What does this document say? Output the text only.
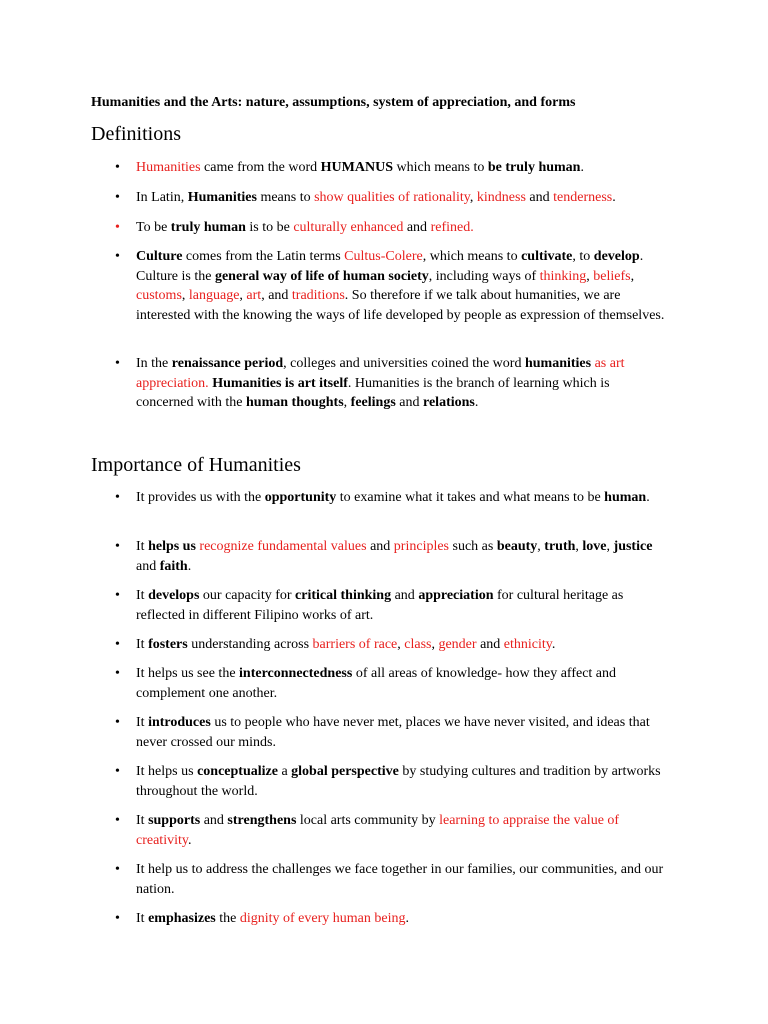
Humanities and the Arts: nature, assumptions, system of appreciation, and forms
Definitions
• Humanities came from the word HUMANUS which means to be truly human.
• In Latin, Humanities means to show qualities of rationality, kindness and tenderness.
• To be truly human is to be culturally enhanced and refined.
• Culture comes from the Latin terms Cultus-Colere, which means to cultivate, to develop. Culture is the general way of life of human society, including ways of thinking, beliefs, customs, language, art, and traditions. So therefore if we talk about humanities, we are interested with the knowing the ways of life developed by people as expression of themselves.
• In the renaissance period, colleges and universities coined the word humanities as art appreciation. Humanities is art itself. Humanities is the branch of learning which is concerned with the human thoughts, feelings and relations.
Importance of Humanities
• It provides us with the opportunity to examine what it takes and what means to be human.
• It helps us recognize fundamental values and principles such as beauty, truth, love, justice and faith.
• It develops our capacity for critical thinking and appreciation for cultural heritage as reflected in different Filipino works of art.
• It fosters understanding across barriers of race, class, gender and ethnicity.
• It helps us see the interconnectedness of all areas of knowledge- how they affect and complement one another.
• It introduces us to people who have never met, places we have never visited, and ideas that never crossed our minds.
• It helps us conceptualize a global perspective by studying cultures and tradition by artworks throughout the world.
• It supports and strengthens local arts community by learning to appraise the value of creativity.
• It help us to address the challenges we face together in our families, our communities, and our nation.
• It emphasizes the dignity of every human being.
